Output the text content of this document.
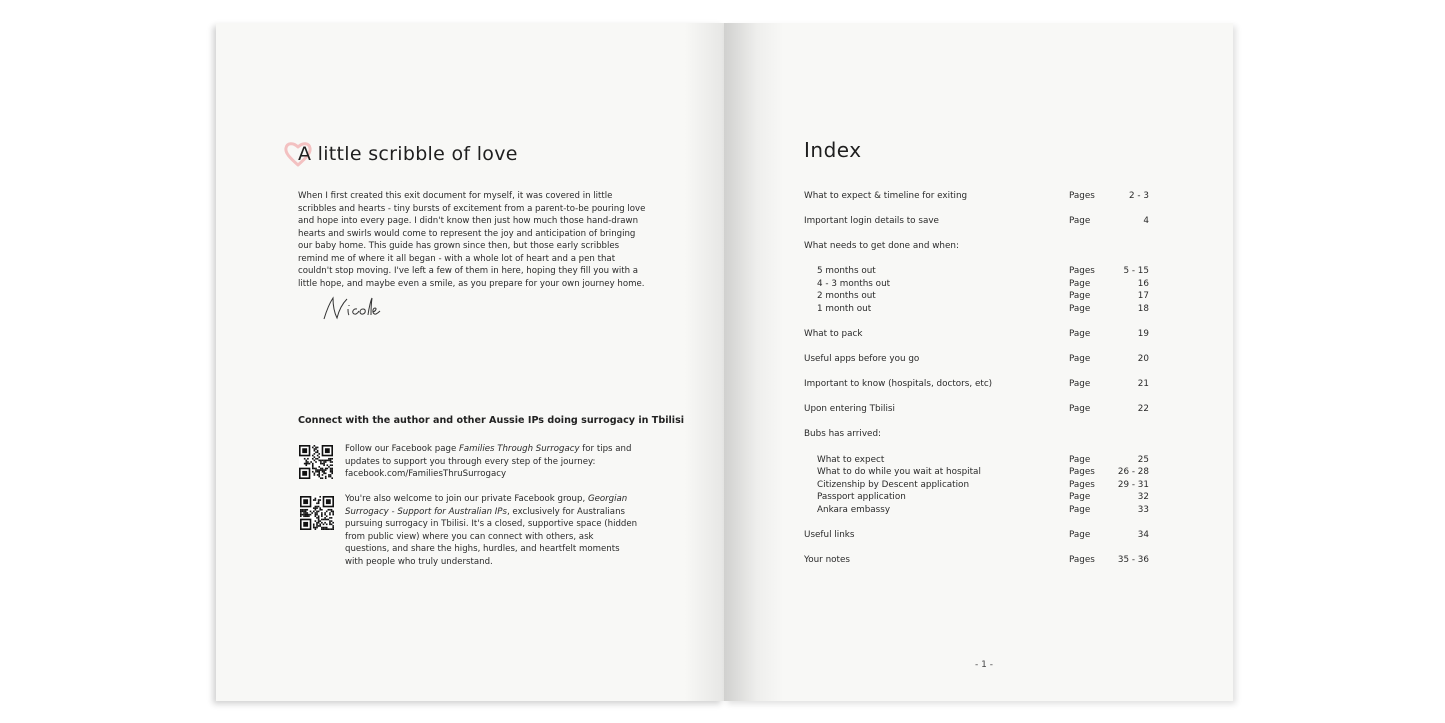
A little scribble of love

When I first created this exit document for myself, it was covered in little scribbles and hearts - tiny bursts of excitement from a parent-to-be pouring love and hope into every page. I didn't know then just how much those hand-drawn hearts and swirls would come to represent the joy and anticipation of bringing our baby home. This guide has grown since then, but those early scribbles remind me of where it all began - with a whole lot of heart and a pen that couldn't stop moving. I've left a few of them in here, hoping they fill you with a little hope, and maybe even a smile, as you prepare for your own journey home.

Connect with the author and other Aussie IPs doing surrogacy in Tbilisi

Follow our Facebook page Families Through Surrogacy for tips and updates to support you through every step of the journey: facebook.com/FamiliesThruSurrogacy

You're also welcome to join our private Facebook group, Georgian Surrogacy - Support for Australian IPs, exclusively for Australians pursuing surrogacy in Tbilisi. It's a closed, supportive space (hidden from public view) where you can connect with others, ask questions, and share the highs, hurdles, and heartfelt moments with people who truly understand.

Index
What to expect & timeline for exiting	Pages	2 - 3
Important login details to save	Page	4
What needs to get done and when:
5 months out	Pages	5 - 15
4 - 3 months out	Page	16
2 months out	Page	17
1 month out	Page	18
What to pack	Page	19
Useful apps before you go	Page	20
Important to know (hospitals, doctors, etc)	Page	21
Upon entering Tbilisi	Page	22
Bubs has arrived:
What to expect	Page	25
What to do while you wait at hospital	Pages	26 - 28
Citizenship by Descent application	Pages	29 - 31
Passport application	Page	32
Ankara embassy	Page	33
Useful links	Page	34
Your notes	Pages	35 - 36
- 1 -
